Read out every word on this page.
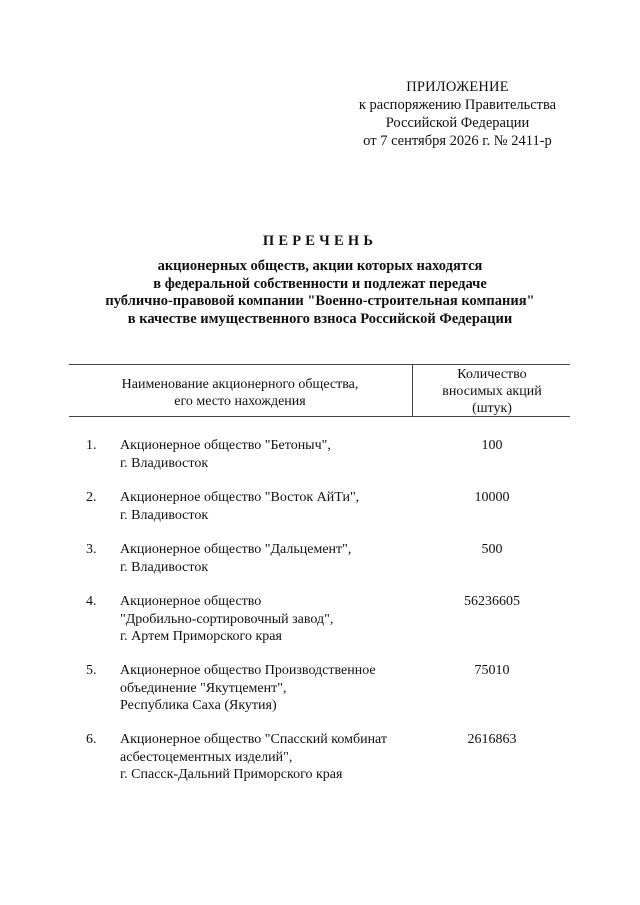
ПРИЛОЖЕНИЕ
к распоряжению Правительства
Российской Федерации
от 7 сентября 2026 г. № 2411-р
ПЕРЕЧЕНЬ
акционерных обществ, акции которых находятся
в федеральной собственности и подлежат передаче
публично-правовой компании "Военно-строительная компания"
в качестве имущественного взноса Российской Федерации
Наименование акционерного общества,
его место нахождения
Количество
вносимых акций
(штук)
1. Акционерное общество "Бетоныч",
г. Владивосток
100
2. Акционерное общество "Восток АйТи",
г. Владивосток
10000
3. Акционерное общество "Дальцемент",
г. Владивосток
500
4. Акционерное общество
"Дробильно-сортировочный завод",
г. Артем Приморского края
56236605
5. Акционерное общество Производственное
объединение "Якутцемент",
Республика Саха (Якутия)
75010
6. Акционерное общество "Спасский комбинат
асбестоцементных изделий",
г. Спасск-Дальний Приморского края
2616863
